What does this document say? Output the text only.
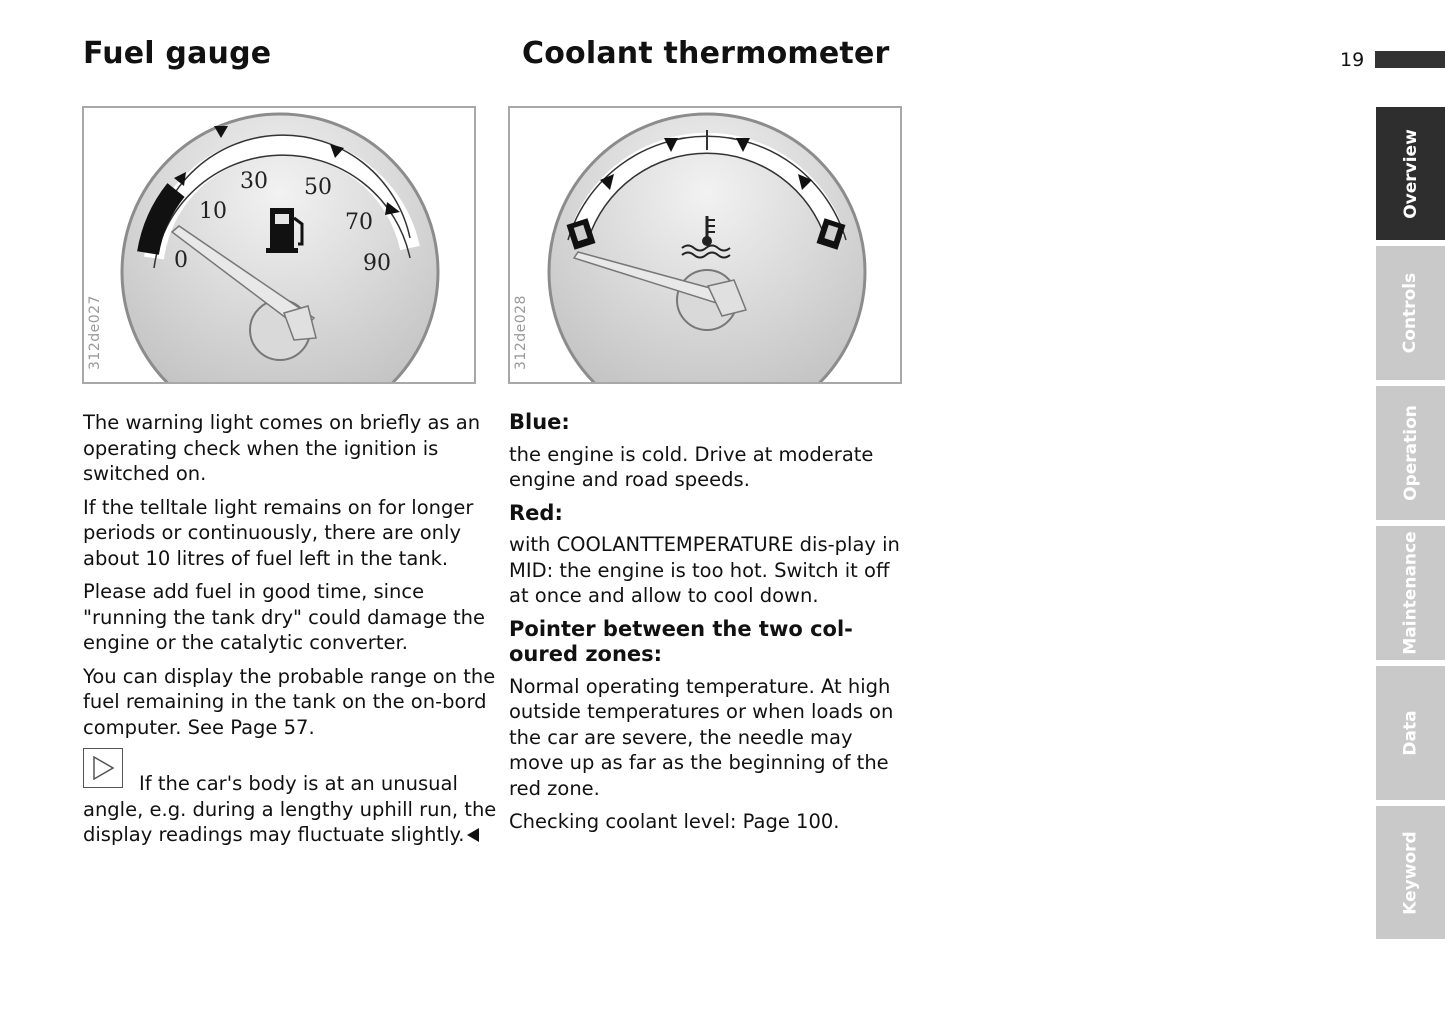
Fuel gauge	Coolant thermometer	19
0
10
30 50
70
90
312de027	312de028

The warning light comes on briefly as an operating check when the ignition is switched on.

If the telltale light remains on for longer periods or continuously, there are only about 10 litres of fuel left in the tank.

Please add fuel in good time, since "running the tank dry" could damage the engine or the catalytic converter.

You can display the probable range on the fuel remaining in the tank on the on-bord computer. See Page 57.

If the car's body is at an unusual angle, e.g. during a lengthy uphill run, the display readings may fluctuate slightly.
Blue:

the engine is cold. Drive at moderate engine and road speeds.

Red:

with COOLANTTEMPERATURE dis-play in MID: the engine is too hot. Switch it off at once and allow to cool down.

Pointer between the two col-oured zones:

Normal operating temperature. At high outside temperatures or when loads on the car are severe, the needle may move up as far as the beginning of the red zone.

Checking coolant level: Page 100.

Overview
Controls
Operation
Maintenance
Data
Keyword
